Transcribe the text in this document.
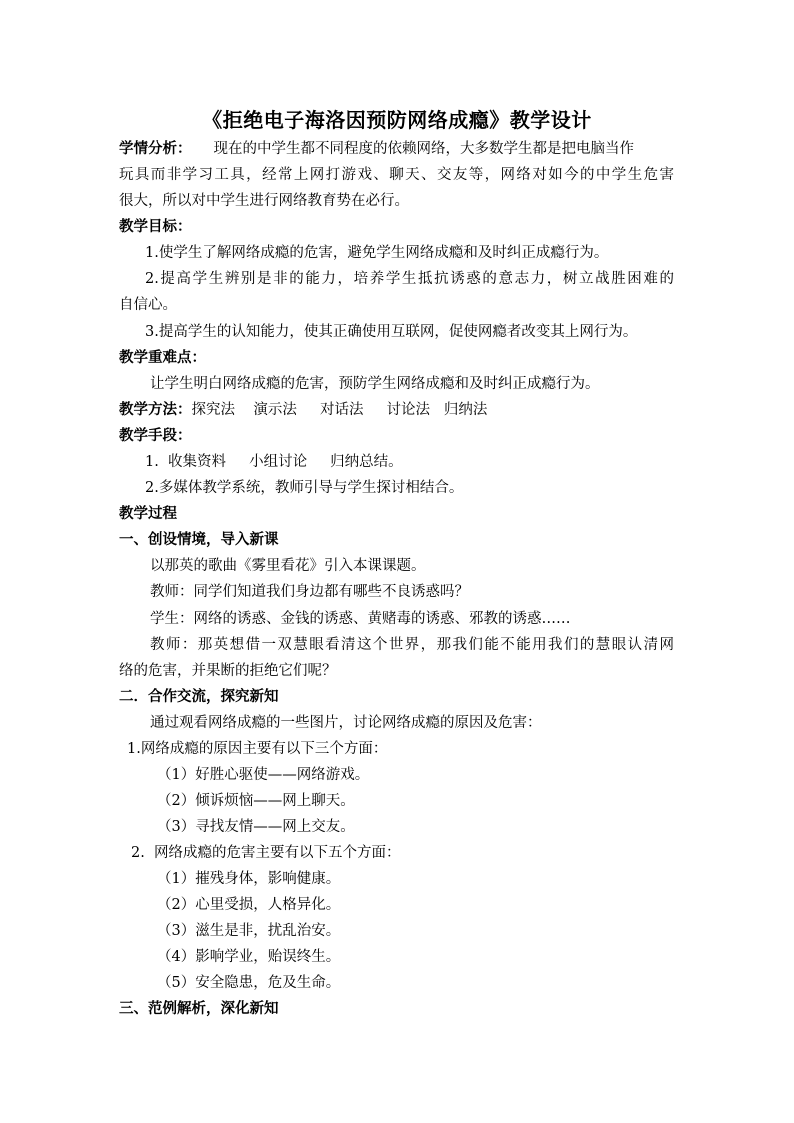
《拒绝电子海洛因预防网络成瘾》教学设计
学情分析： 现在的中学生都不同程度的依赖网络，大多数学生都是把电脑当作
玩具而非学习工具，经常上网打游戏、聊天、交友等，网络对如今的中学生危害
很大，所以对中学生进行网络教育势在必行。
教学目标：
1.使学生了解网络成瘾的危害，避免学生网络成瘾和及时纠正成瘾行为。
2.提高学生辨别是非的能力，培养学生抵抗诱惑的意志力，树立战胜困难的
自信心。
3.提高学生的认知能力，使其正确使用互联网，促使网瘾者改变其上网行为。
教学重难点：
让学生明白网络成瘾的危害，预防学生网络成瘾和及时纠正成瘾行为。
教学方法：探究法    演示法     对话法     讨论法   归纳法
教学手段：
1.  收集资料     小组讨论     归纳总结。
2.多媒体教学系统，教师引导与学生探讨相结合。
教学过程
一、创设情境，导入新课
以那英的歌曲《雾里看花》引入本课课题。
教师：同学们知道我们身边都有哪些不良诱惑吗？
学生：网络的诱惑、金钱的诱惑、黄赌毒的诱惑、邪教的诱惑……
教师：那英想借一双慧眼看清这个世界，那我们能不能用我们的慧眼认清网
络的危害，并果断的拒绝它们呢？
二．合作交流，探究新知
通过观看网络成瘾的一些图片，讨论网络成瘾的原因及危害：
1.网络成瘾的原因主要有以下三个方面：
（1）好胜心驱使——网络游戏。
（2）倾诉烦恼——网上聊天。
（3）寻找友情——网上交友。
2.  网络成瘾的危害主要有以下五个方面：
（1）摧残身体，影响健康。
（2）心里受损，人格异化。
（3）滋生是非，扰乱治安。
（4）影响学业，贻误终生。
（5）安全隐患，危及生命。
三、范例解析，深化新知
